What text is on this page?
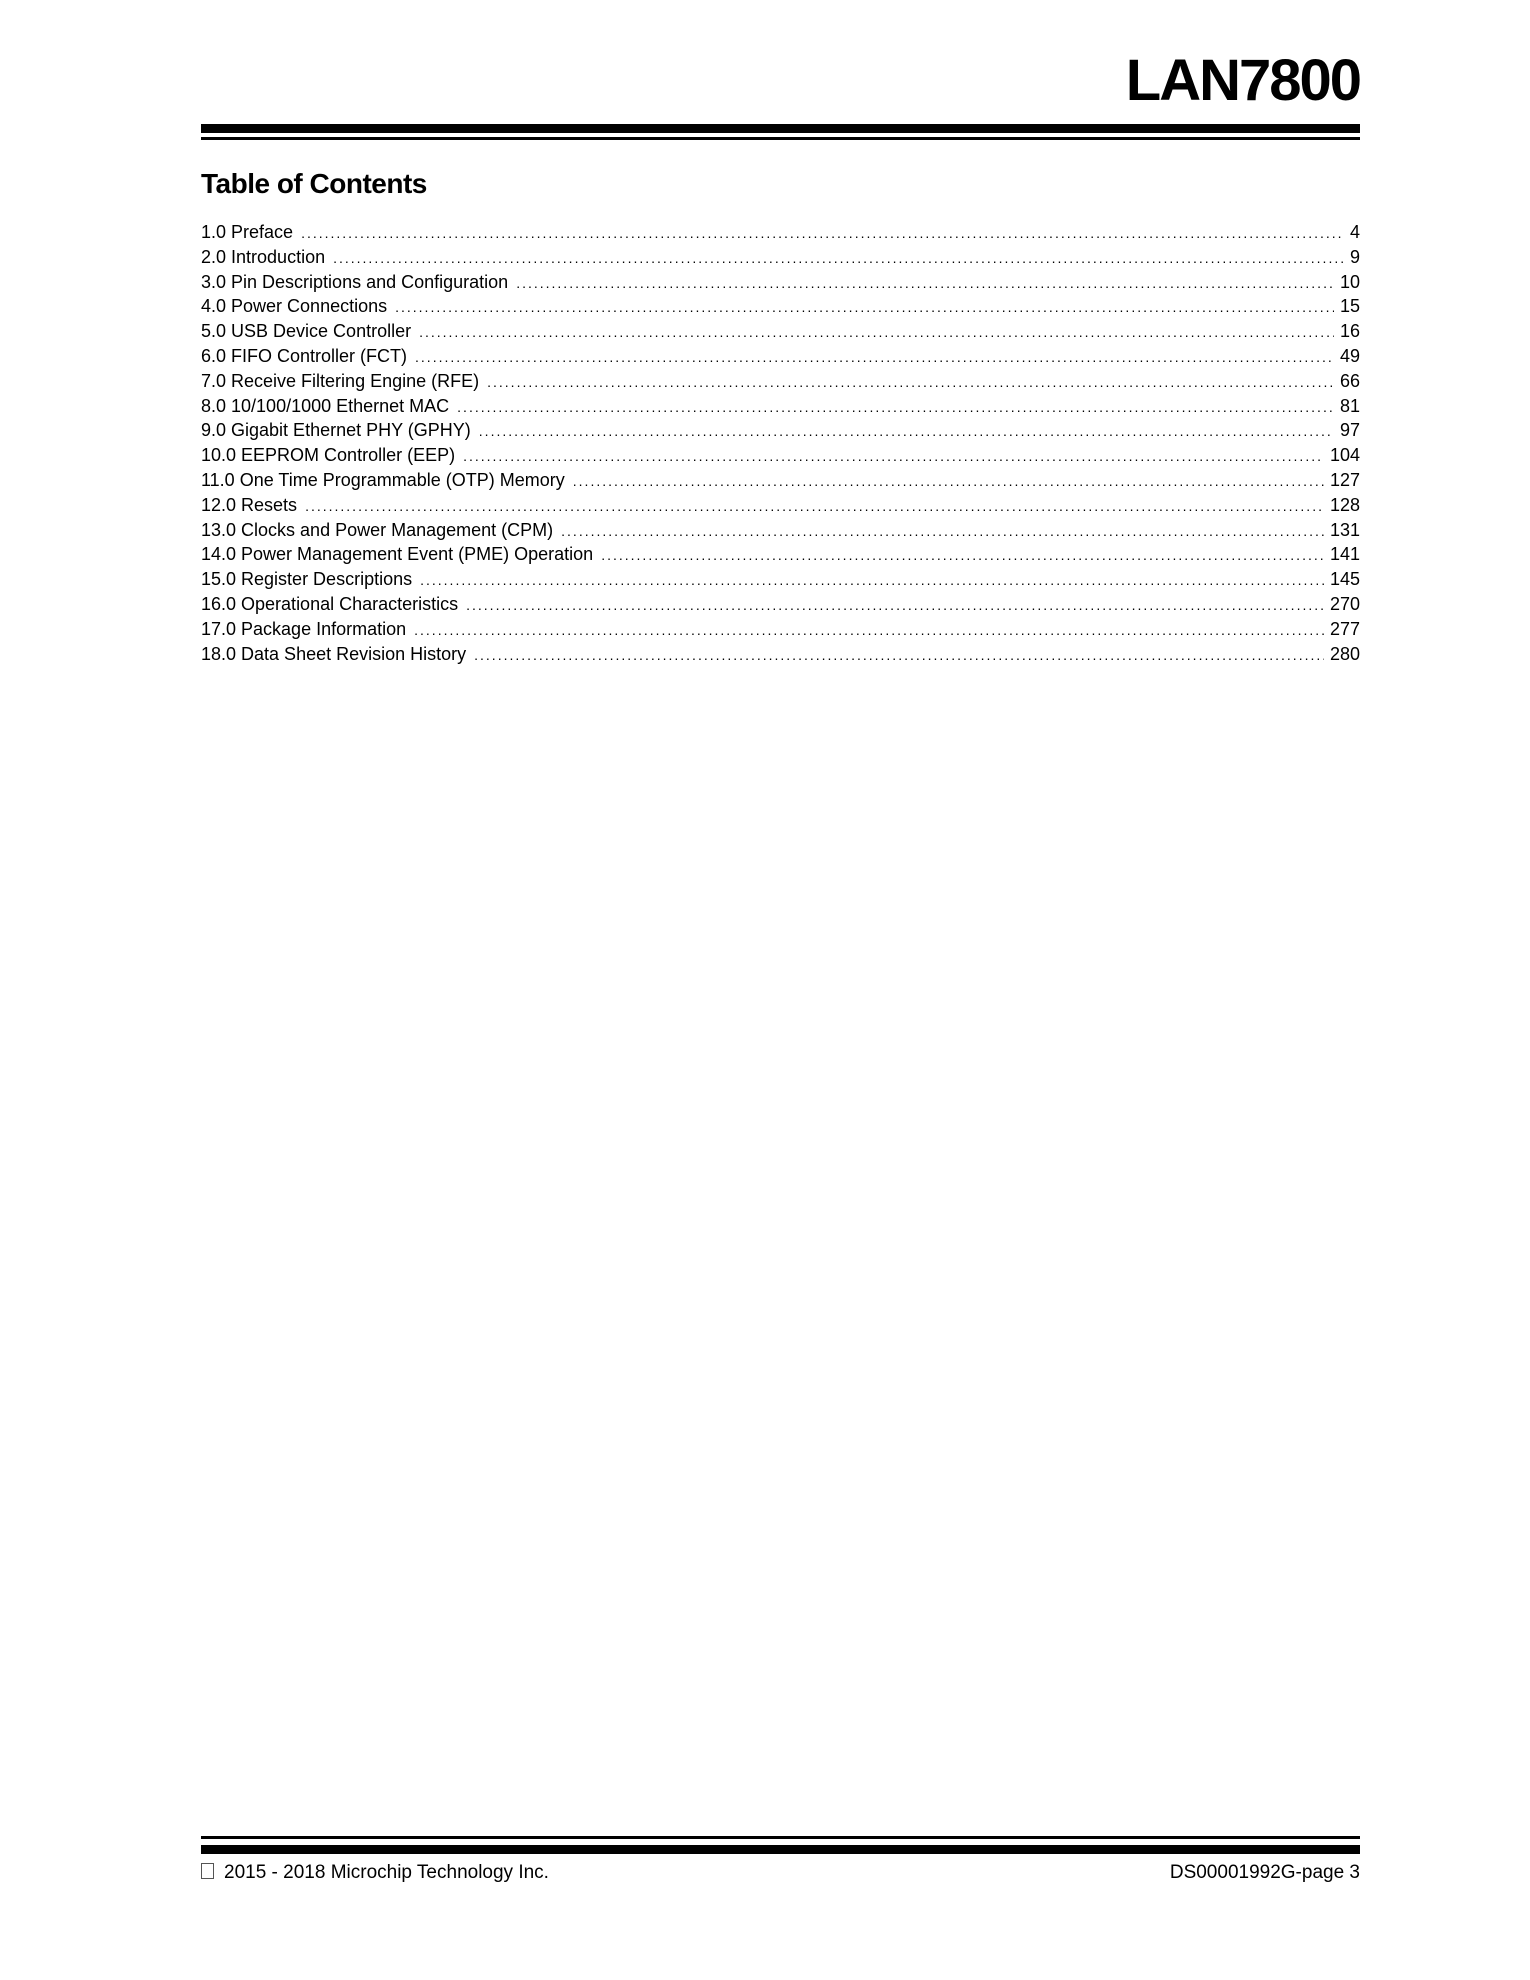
LAN7800
Table of Contents
1.0 Preface .....	4
2.0 Introduction .....	9
3.0 Pin Descriptions and Configuration .....	10
4.0 Power Connections .....	15
5.0 USB Device Controller .....	16
6.0 FIFO Controller (FCT) .....	49
7.0 Receive Filtering Engine (RFE) .....	66
8.0 10/100/1000 Ethernet MAC .....	81
9.0 Gigabit Ethernet PHY (GPHY) .....	97
10.0 EEPROM Controller (EEP) .....	104
11.0 One Time Programmable (OTP) Memory .....	127
12.0 Resets .....	128
13.0 Clocks and Power Management (CPM) .....	131
14.0 Power Management Event (PME) Operation .....	141
15.0 Register Descriptions .....	145
16.0 Operational Characteristics .....	270
17.0 Package Information .....	277
18.0 Data Sheet Revision History .....	280
2015 - 2018 Microchip Technology Inc.	DS00001992G-page 3
